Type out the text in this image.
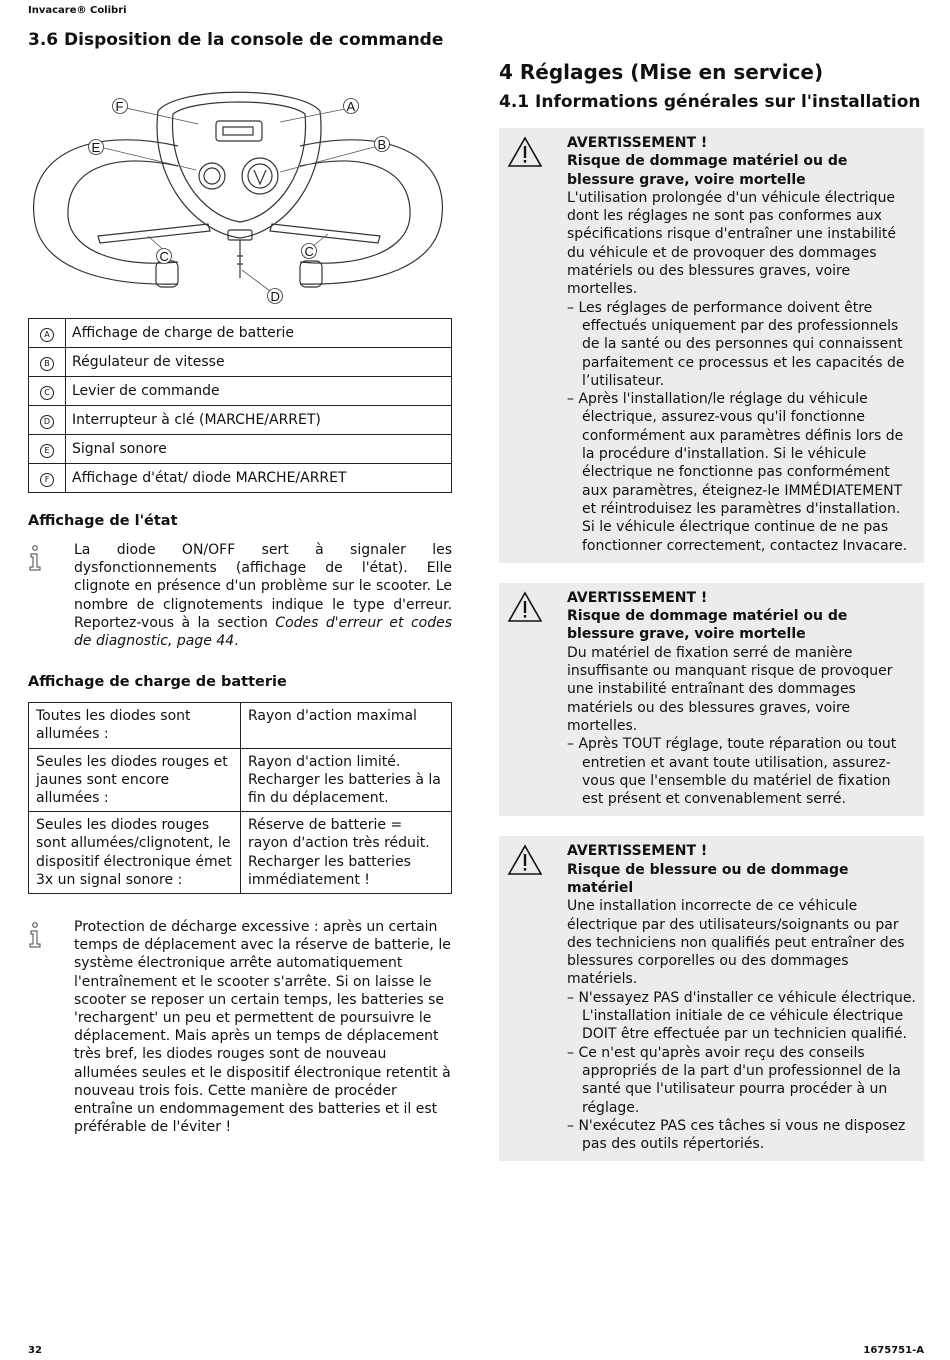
Invacare® Colibri
3.6 Disposition de la console de commande
F	A
E	B
C	C
D
A	Affichage de charge de batterie
B	Régulateur de vitesse
C	Levier de commande
D	Interrupteur à clé (MARCHE/ARRET)
E	Signal sonore
F	Affichage d'état/ diode MARCHE/ARRET
Affichage de l'état
La diode ON/OFF sert à signaler les dysfonctionnements (affichage de l'état). Elle clignote en présence d'un problème sur le scooter. Le nombre de clignotements indique le type d'erreur. Reportez-vous à la section Codes d'erreur et codes de diagnostic, page 44.
Affichage de charge de batterie
Toutes les diodes sont allumées :	Rayon d'action maximal
Seules les diodes rouges et jaunes sont encore allumées :	Rayon d'action limité. Recharger les batteries à la fin du déplacement.
Seules les diodes rouges sont allumées/clignotent, le dispositif électronique émet 3x un signal sonore :	Réserve de batterie = rayon d'action très réduit. Recharger les batteries immédiatement !
Protection de décharge excessive : après un certain temps de déplacement avec la réserve de batterie, le système électronique arrête automatiquement l'entraînement et le scooter s'arrête. Si on laisse le scooter se reposer un certain temps, les batteries se 'rechargent' un peu et permettent de poursuivre le déplacement. Mais après un temps de déplacement très bref, les diodes rouges sont de nouveau allumées seules et le dispositif électronique retentit à nouveau trois fois. Cette manière de procéder entraîne un endommagement des batteries et il est préférable de l'éviter !
4 Réglages (Mise en service)
4.1 Informations générales sur l'installation
AVERTISSEMENT !
Risque de dommage matériel ou de blessure grave, voire mortelle
L'utilisation prolongée d'un véhicule électrique dont les réglages ne sont pas conformes aux spécifications risque d'entraîner une instabilité du véhicule et de provoquer des dommages matériels ou des blessures graves, voire mortelles.
– Les réglages de performance doivent être effectués uniquement par des professionnels de la santé ou des personnes qui connaissent parfaitement ce processus et les capacités de l’utilisateur.
– Après l'installation/le réglage du véhicule électrique, assurez-vous qu'il fonctionne conformément aux paramètres définis lors de la procédure d'installation. Si le véhicule électrique ne fonctionne pas conformément aux paramètres, éteignez-le IMMÉDIATEMENT et réintroduisez les paramètres d'installation. Si le véhicule électrique continue de ne pas fonctionner correctement, contactez Invacare.
AVERTISSEMENT !
Risque de dommage matériel ou de blessure grave, voire mortelle
Du matériel de fixation serré de manière insuffisante ou manquant risque de provoquer une instabilité entraînant des dommages matériels ou des blessures graves, voire mortelles.
– Après TOUT réglage, toute réparation ou tout entretien et avant toute utilisation, assurez-vous que l'ensemble du matériel de fixation est présent et convenablement serré.
AVERTISSEMENT !
Risque de blessure ou de dommage matériel
Une installation incorrecte de ce véhicule électrique par des utilisateurs/soignants ou par des techniciens non qualifiés peut entraîner des blessures corporelles ou des dommages matériels.
– N'essayez PAS d'installer ce véhicule électrique. L'installation initiale de ce véhicule électrique DOIT être effectuée par un technicien qualifié.
– Ce n'est qu'après avoir reçu des conseils appropriés de la part d'un professionnel de la santé que l'utilisateur pourra procéder à un réglage.
– N'exécutez PAS ces tâches si vous ne disposez pas des outils répertoriés.
32	1675751-A
